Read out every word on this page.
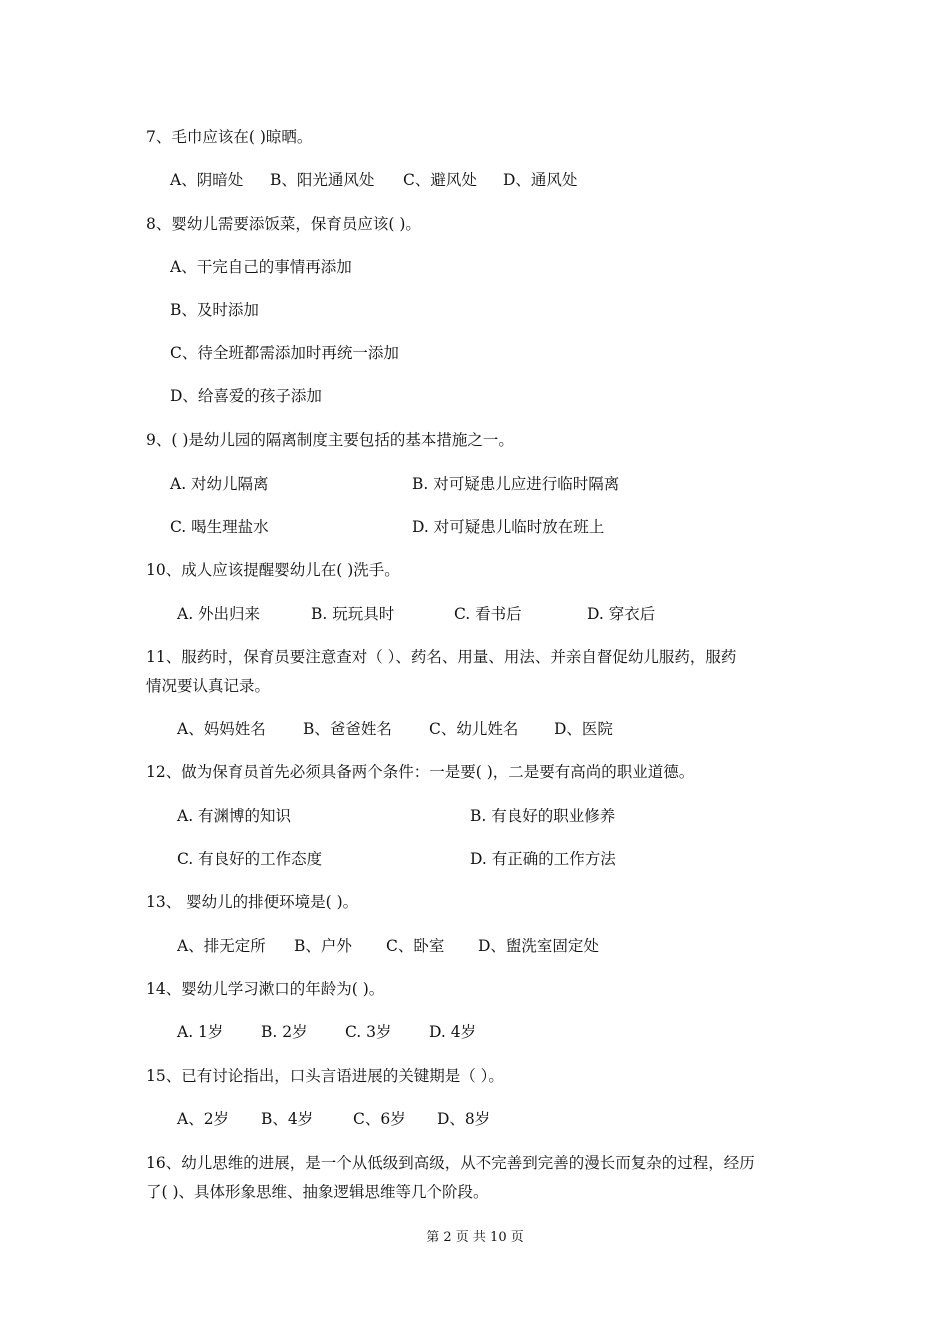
7、毛巾应该在( )晾晒。
A、阴暗处 B、阳光通风处 C、避风处 D、通风处
8、婴幼儿需要添饭菜，保育员应该( )。
A、干完自己的事情再添加
B、及时添加
C、待全班都需添加时再统一添加
D、给喜爱的孩子添加
9、( )是幼儿园的隔离制度主要包括的基本措施之一。
A. 对幼儿隔离	B. 对可疑患儿应进行临时隔离
C. 喝生理盐水	D. 对可疑患儿临时放在班上
10、成人应该提醒婴幼儿在( )洗手。
A. 外出归来	B. 玩玩具时	C. 看书后	D. 穿衣后
11、服药时，保育员要注意查对（ ）、药名、用量、用法、并亲自督促幼儿服药，服药
情况要认真记录。
A、妈妈姓名 B、爸爸姓名 C、幼儿姓名 D、医院
12、做为保育员首先必须具备两个条件：一是要( )，二是要有高尚的职业道德。
A. 有渊博的知识	B. 有良好的职业修养
C. 有良好的工作态度	D. 有正确的工作方法
13、 婴幼儿的排便环境是( )。
A、排无定所 B、户外 C、卧室 D、盥洗室固定处
14、婴幼儿学习漱口的年龄为( )。
A. 1岁 B. 2岁 C. 3岁 D. 4岁
15、已有讨论指出，口头言语进展的关键期是（ ）。
A、2岁 B、4岁	C、6岁 D、8岁
16、幼儿思维的进展，是一个从低级到高级，从不完善到完善的漫长而复杂的过程，经历
了( )、具体形象思维、抽象逻辑思维等几个阶段。
第 2 页 共 10 页
